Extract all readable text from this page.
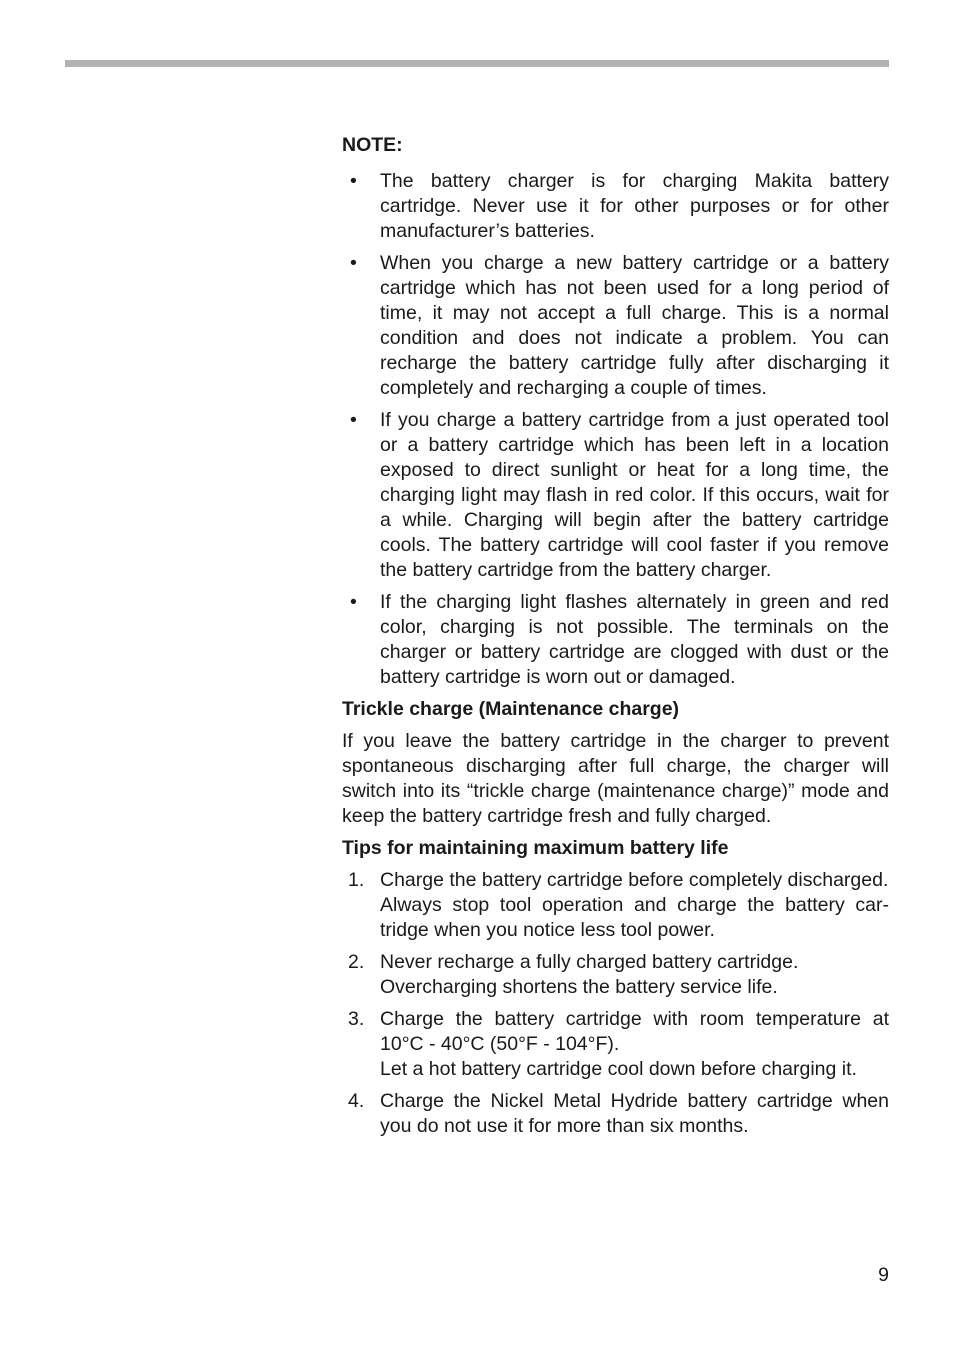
NOTE:
• The battery charger is for charging Makita battery cartridge. Never use it for other purposes or for other manufacturer’s batteries.

• When you charge a new battery cartridge or a battery cartridge which has not been used for a long period of time, it may not accept a full charge. This is a normal condition and does not indicate a problem. You can recharge the battery cartridge fully after discharging it completely and recharging a couple of times.

• If you charge a battery cartridge from a just operated tool or a battery cartridge which has been left in a location exposed to direct sunlight or heat for a long time, the charging light may flash in red color. If this occurs, wait for a while. Charging will begin after the battery cartridge cools. The battery cartridge will cool faster if you remove the battery cartridge from the battery charger.

• If the charging light flashes alternately in green and red color, charging is not possible. The terminals on the charger or battery cartridge are clogged with dust or the battery cartridge is worn out or damaged.

Trickle charge (Maintenance charge)

If you leave the battery cartridge in the charger to prevent spontaneous discharging after full charge, the charger will switch into its “trickle charge (maintenance charge)” mode and keep the battery cartridge fresh and fully charged.

Tips for maintaining maximum battery life
1. Charge the battery cartridge before completely discharged.

Always stop tool operation and charge the battery cartridge when you notice less tool power.

2. Never recharge a fully charged battery cartridge.

Overcharging shortens the battery service life.

3. Charge the battery cartridge with room temperature at 10°C - 40°C (50°F - 104°F).

Let a hot battery cartridge cool down before charging it.

4. Charge the Nickel Metal Hydride battery cartridge when you do not use it for more than six months.

9
